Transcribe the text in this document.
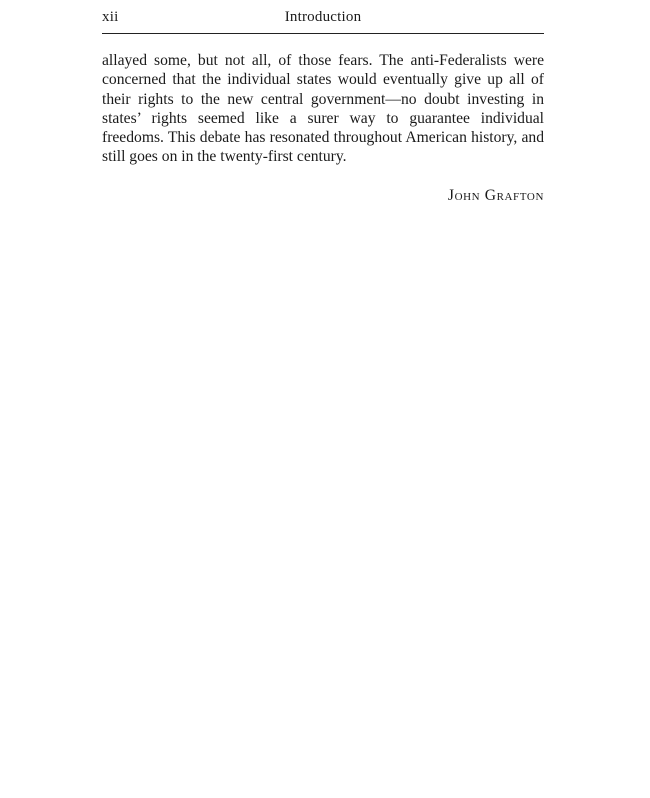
xii	Introduction

allayed some, but not all, of those fears. The anti-Federalists were concerned that the individual states would eventually give up all of their rights to the new central government—no doubt investing in states’ rights seemed like a surer way to guarantee individual freedoms. This debate has resonated throughout American history, and still goes on in the twenty-first century.

John Grafton
